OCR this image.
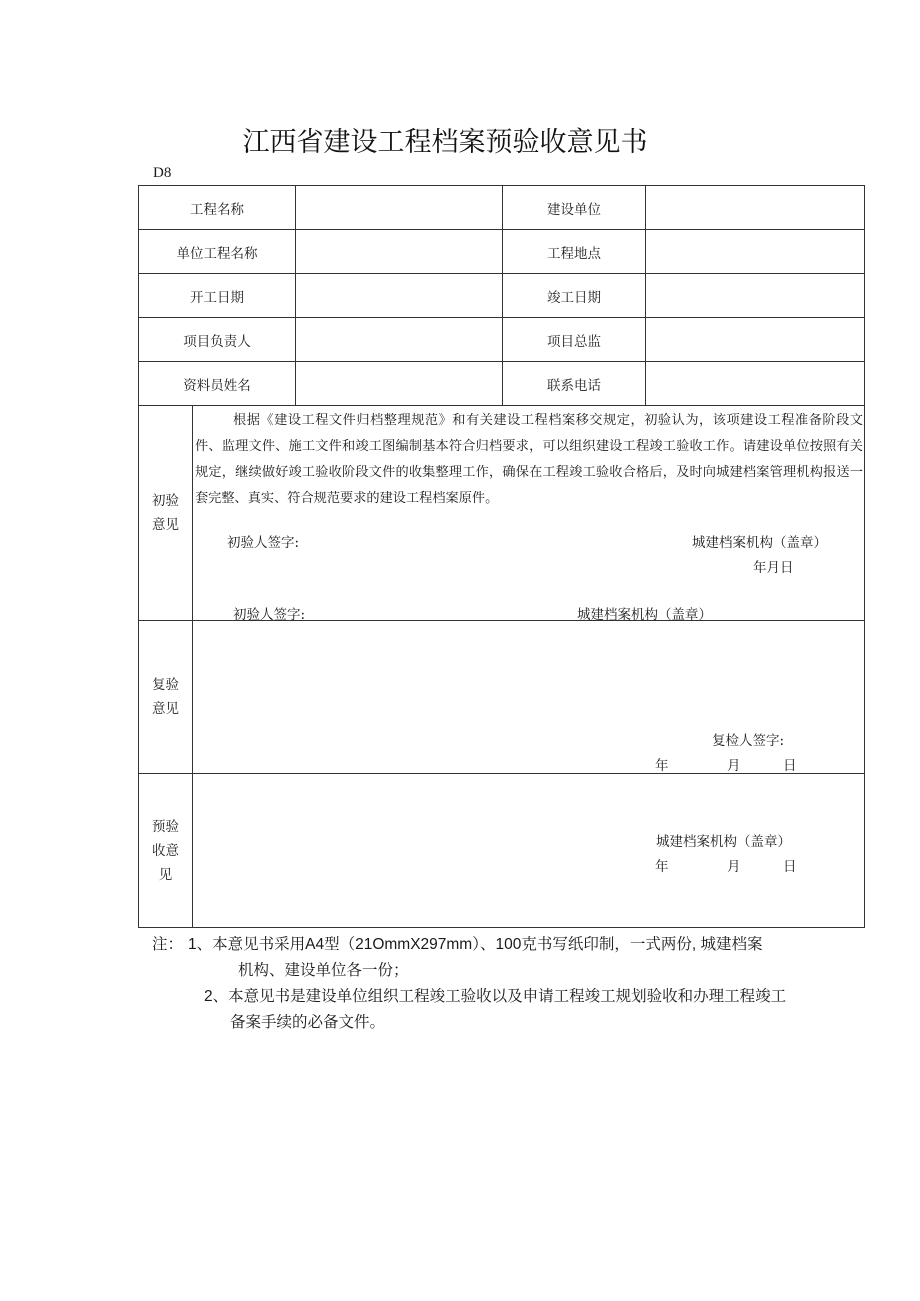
江西省建设工程档案预验收意见书
D8
工程名称	建设单位
单位工程名称	工程地点
开工日期	竣工日期
项目负责人	项目总监
资料员姓名	联系电话
初验
意见
根据《建设工程文件归档整理规范》和有关建设工程档案移交规定，初验认为，该项建设工程准备阶段文件、监理文件、施工文件和竣工图编制基本符合归档要求，可以组织建设工程竣工验收工作。请建设单位按照有关规定，继续做好竣工验收阶段文件的收集整理工作，确保在工程竣工验收合格后，及时向城建档案管理机构报送一套完整、真实、符合规范要求的建设工程档案原件。
初验人签字:	城建档案机构（盖章）
年月日
初验人签字:	城建档案机构（盖章）
复验
意见
复检人签字:
年	月	日
预验
收意
见
城建档案机构（盖章）
年	月	日
注： 1、本意见书采用A4型（21OmmX297mm）、100克书写纸印制，一式两份, 城建档案
机构、建设单位各一份；
2、本意见书是建设单位组织工程竣工验收以及申请工程竣工规划验收和办理工程竣工
备案手续的必备文件。
